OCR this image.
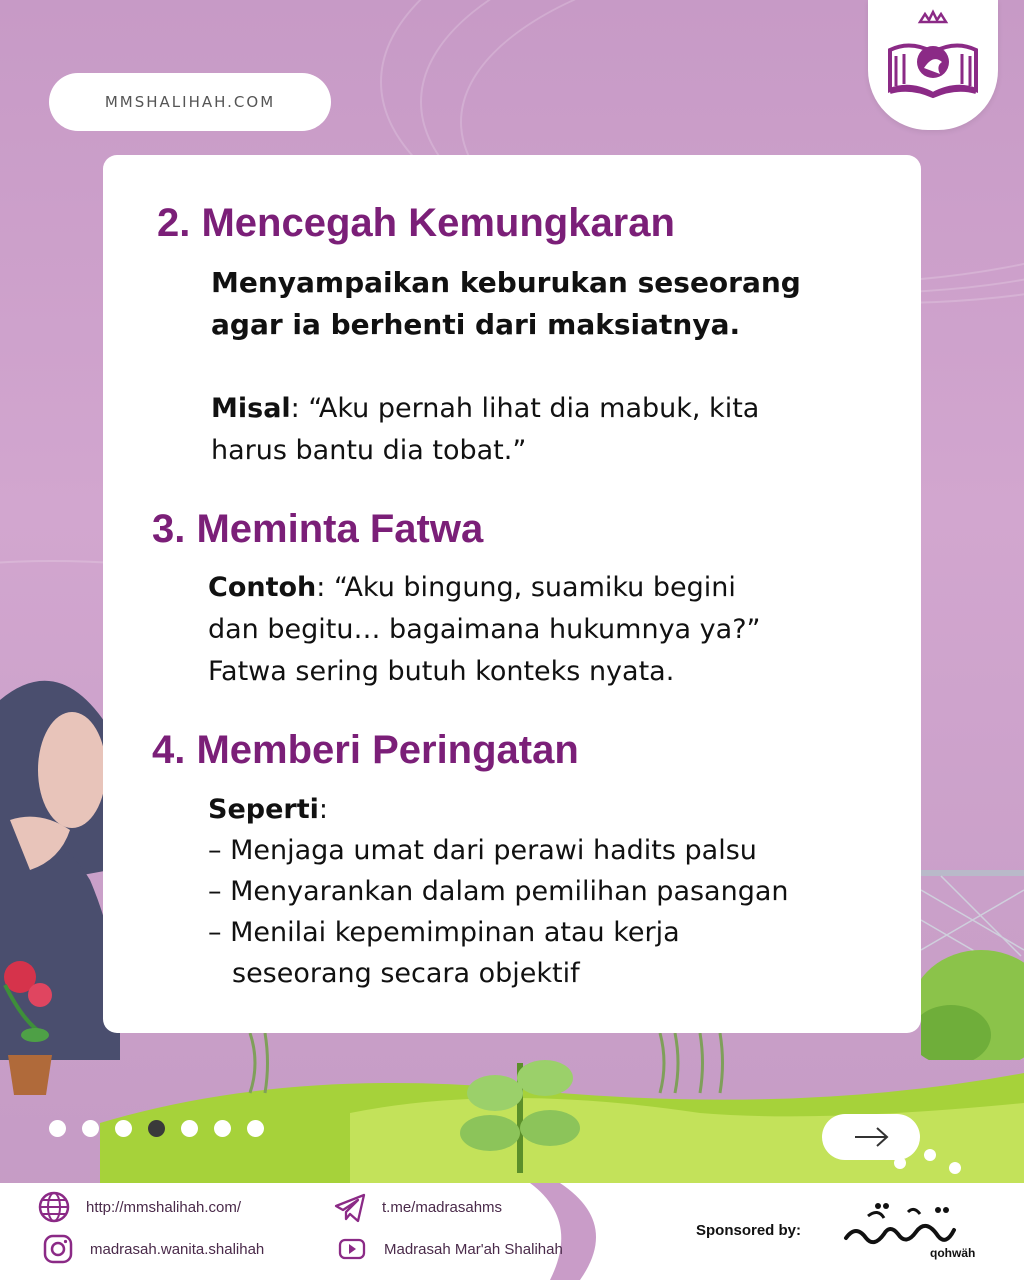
MMSHALIHAH.COM
2. Mencegah Kemungkaran

Menyampaikan keburukan seseorang

agar ia berhenti dari maksiatnya.

Misal: “Aku pernah lihat dia mabuk, kita

harus bantu dia tobat.”

3. Meminta Fatwa

Contoh: “Aku bingung, suamiku begini

dan begitu… bagaimana hukumnya ya?”

Fatwa sering butuh konteks nyata.

4. Memberi Peringatan

Seperti:

– Menjaga umat dari perawi hadits palsu

– Menyarankan dalam pemilihan pasangan

– Menilai kepemimpinan atau kerja

seseorang secara objektif

http://mmshalihah.com/	t.me/madrasahms
madrasah.wanita.shalihah	Madrasah Mar'ah Shalihah
Sponsored by:
qohwäh
